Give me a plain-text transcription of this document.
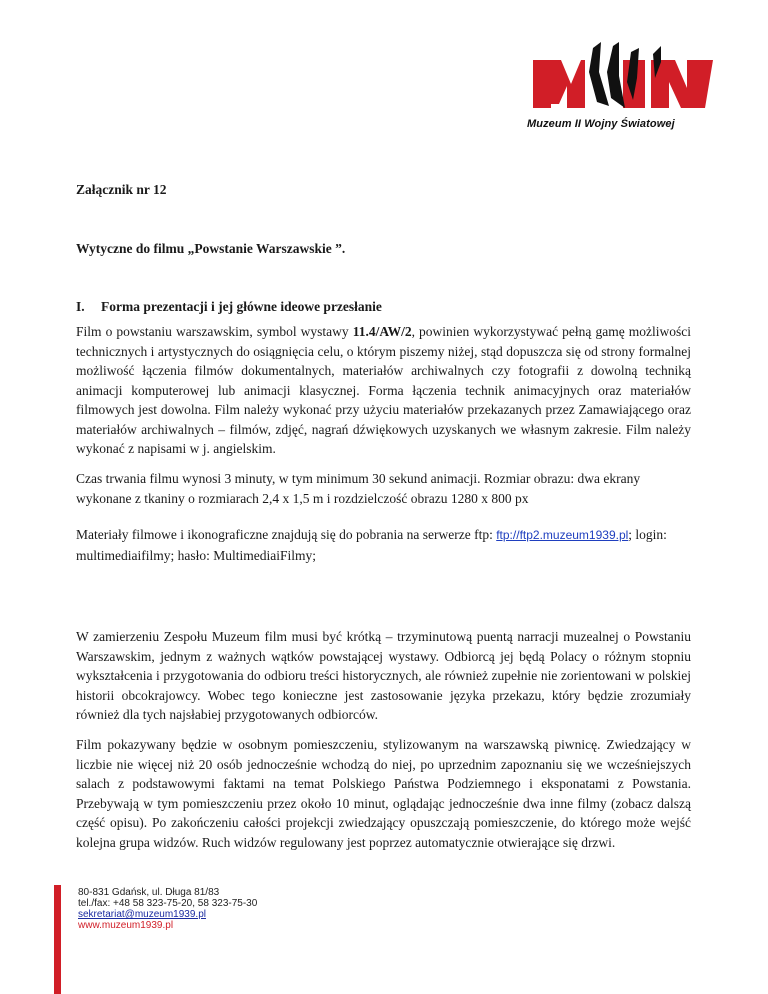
Muzeum II Wojny Światowej
Załącznik nr 12
Wytyczne do filmu „Powstanie Warszawskie ”.
I. Forma prezentacji i jej główne ideowe przesłanie

Film o powstaniu warszawskim, symbol wystawy 11.4/AW/2, powinien wykorzystywać pełną gamę możliwości technicznych i artystycznych do osiągnięcia celu, o którym piszemy niżej, stąd dopuszcza się od strony formalnej możliwość łączenia filmów dokumentalnych, materiałów archiwalnych czy fotografii z dowolną techniką animacji komputerowej lub animacji klasycznej. Forma łączenia technik animacyjnych oraz materiałów filmowych jest dowolna. Film należy wykonać przy użyciu materiałów przekazanych przez Zamawiającego oraz materiałów archiwalnych – filmów, zdjęć, nagrań dźwiękowych uzyskanych we własnym zakresie. Film należy wykonać z napisami w j. angielskim.

Czas trwania filmu wynosi 3 minuty, w tym minimum 30 sekund animacji. Rozmiar obrazu: dwa ekrany wykonane z tkaniny o rozmiarach 2,4 x 1,5 m i rozdzielczość obrazu 1280 x 800 px

Materiały filmowe i ikonograficzne znajdują się do pobrania na serwerze ftp: ftp://ftp2.muzeum1939.pl; login: multimediaifilmy; hasło: MultimediaiFilmy;

W zamierzeniu Zespołu Muzeum film musi być krótką – trzyminutową puentą narracji muzealnej o Powstaniu Warszawskim, jednym z ważnych wątków powstającej wystawy. Odbiorcą jej będą Polacy o różnym stopniu wykształcenia i przygotowania do odbioru treści historycznych, ale również zupełnie nie zorientowani w polskiej historii obcokrajowcy. Wobec tego konieczne jest zastosowanie języka przekazu, który będzie zrozumiały również dla tych najsłabiej przygotowanych odbiorców.

Film pokazywany będzie w osobnym pomieszczeniu, stylizowanym na warszawską piwnicę. Zwiedzający w liczbie nie więcej niż 20 osób jednocześnie wchodzą do niej, po uprzednim zapoznaniu się we wcześniejszych salach z podstawowymi faktami na temat Polskiego Państwa Podziemnego i eksponatami z Powstania. Przebywają w tym pomieszczeniu przez około 10 minut, oglądając jednocześnie dwa inne filmy (zobacz dalszą część opisu). Po zakończeniu całości projekcji zwiedzający opuszczają pomieszczenie, do którego może wejść kolejna grupa widzów. Ruch widzów regulowany jest poprzez automatycznie otwierające się drzwi.

80-831 Gdańsk, ul. Długa 81/83
tel./fax: +48 58 323-75-20, 58 323-75-30
sekretariat@muzeum1939.pl
www.muzeum1939.pl
